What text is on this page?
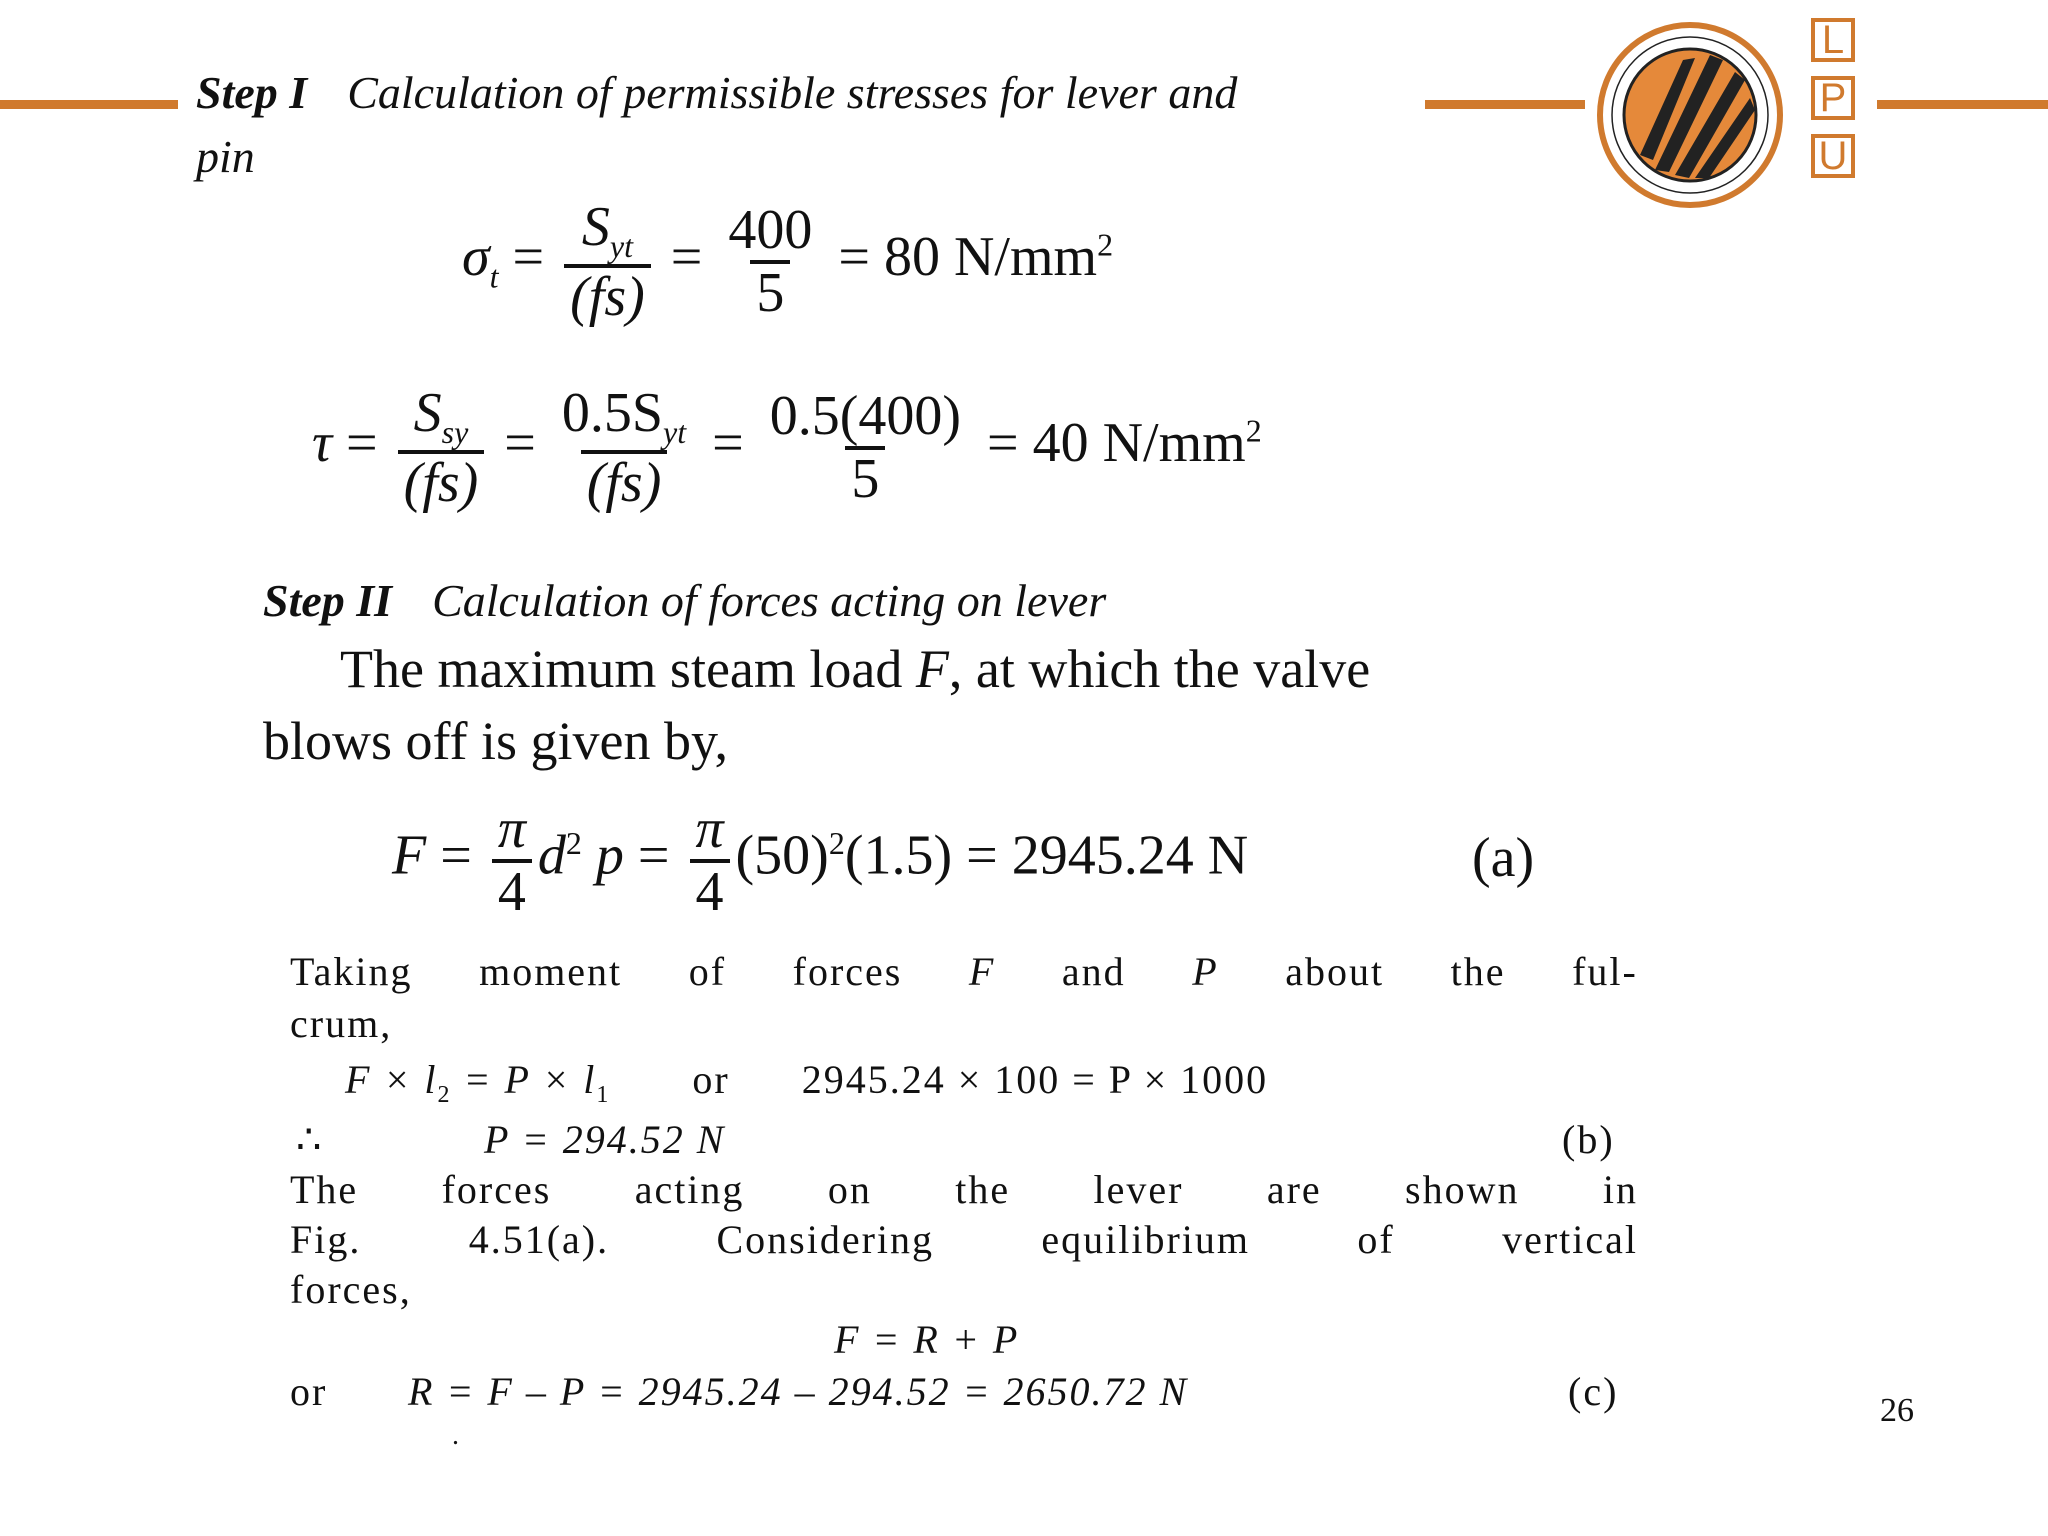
L
P
U
Step I Calculation of permissible stresses for lever and
pin
$\sigma_t = \frac{S_{yt}}{(fs)} = \frac{400}{5} = 80$ $N/mm^2$
$\tau = \frac{S_{sy}}{(fs)} = \frac{0.5S_{yt}}{(fs)} = \frac{0.5(400)}{5} = 40$ $N/mm^2$
Step II Calculation of forces acting on lever
The maximum steam load F, at which the valve
blows off is given by,
$F = \frac{\pi}{4} d^2$ $p = \frac{\pi}{4} (50)^2(1.5) = 2945.24$ N	(a)
Taking moment of forces F and P about the ful-
crum,
$F \times l_2 = P \times l_1$ or 2945.24 × 100 = P × 1000
∴	P = 294.52 N	(b)
The forces acting on the lever are shown in
Fig.	4.51(a).	Considering	equilibrium	of	vertical
forces,
F = R + P
or R = F – P = 2945.24 – 294.52 = 2650.72 N	(c)	26
.
